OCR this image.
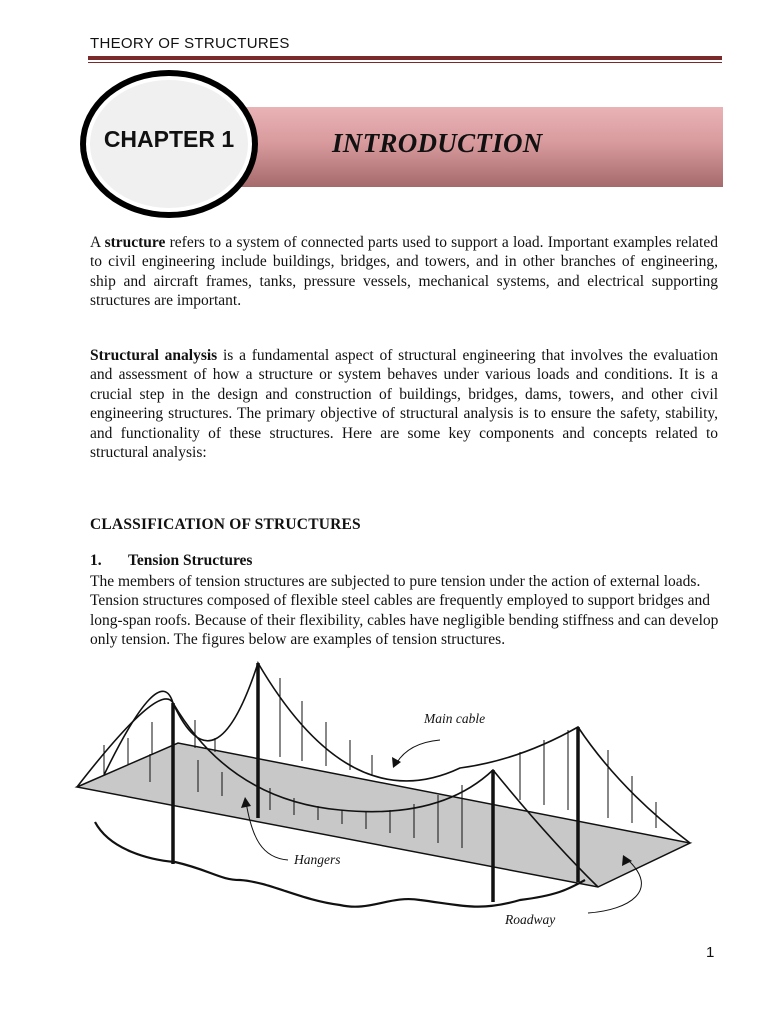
THEORY OF STRUCTURES
INTRODUCTION
CHAPTER 1

A structure refers to a system of connected parts used to support a load. Important examples related to civil engineering include buildings, bridges, and towers, and in other branches of engineering, ship and aircraft frames, tanks, pressure vessels, mechanical systems, and electrical supporting structures are important.

Structural analysis is a fundamental aspect of structural engineering that involves the evaluation and assessment of how a structure or system behaves under various loads and conditions. It is a crucial step in the design and construction of buildings, bridges, dams, towers, and other civil engineering structures. The primary objective of structural analysis is to ensure the safety, stability, and functionality of these structures. Here are some key components and concepts related to structural analysis:

CLASSIFICATION OF STRUCTURES
1. Tension Structures

The members of tension structures are subjected to pure tension under the action of external loads. Tension structures composed of flexible steel cables are frequently employed to support bridges and long-span roofs. Because of their flexibility, cables have negligible bending stiffness and can develop only tension. The figures below are examples of tension structures.

Main cable
Hangers
Roadway
1
